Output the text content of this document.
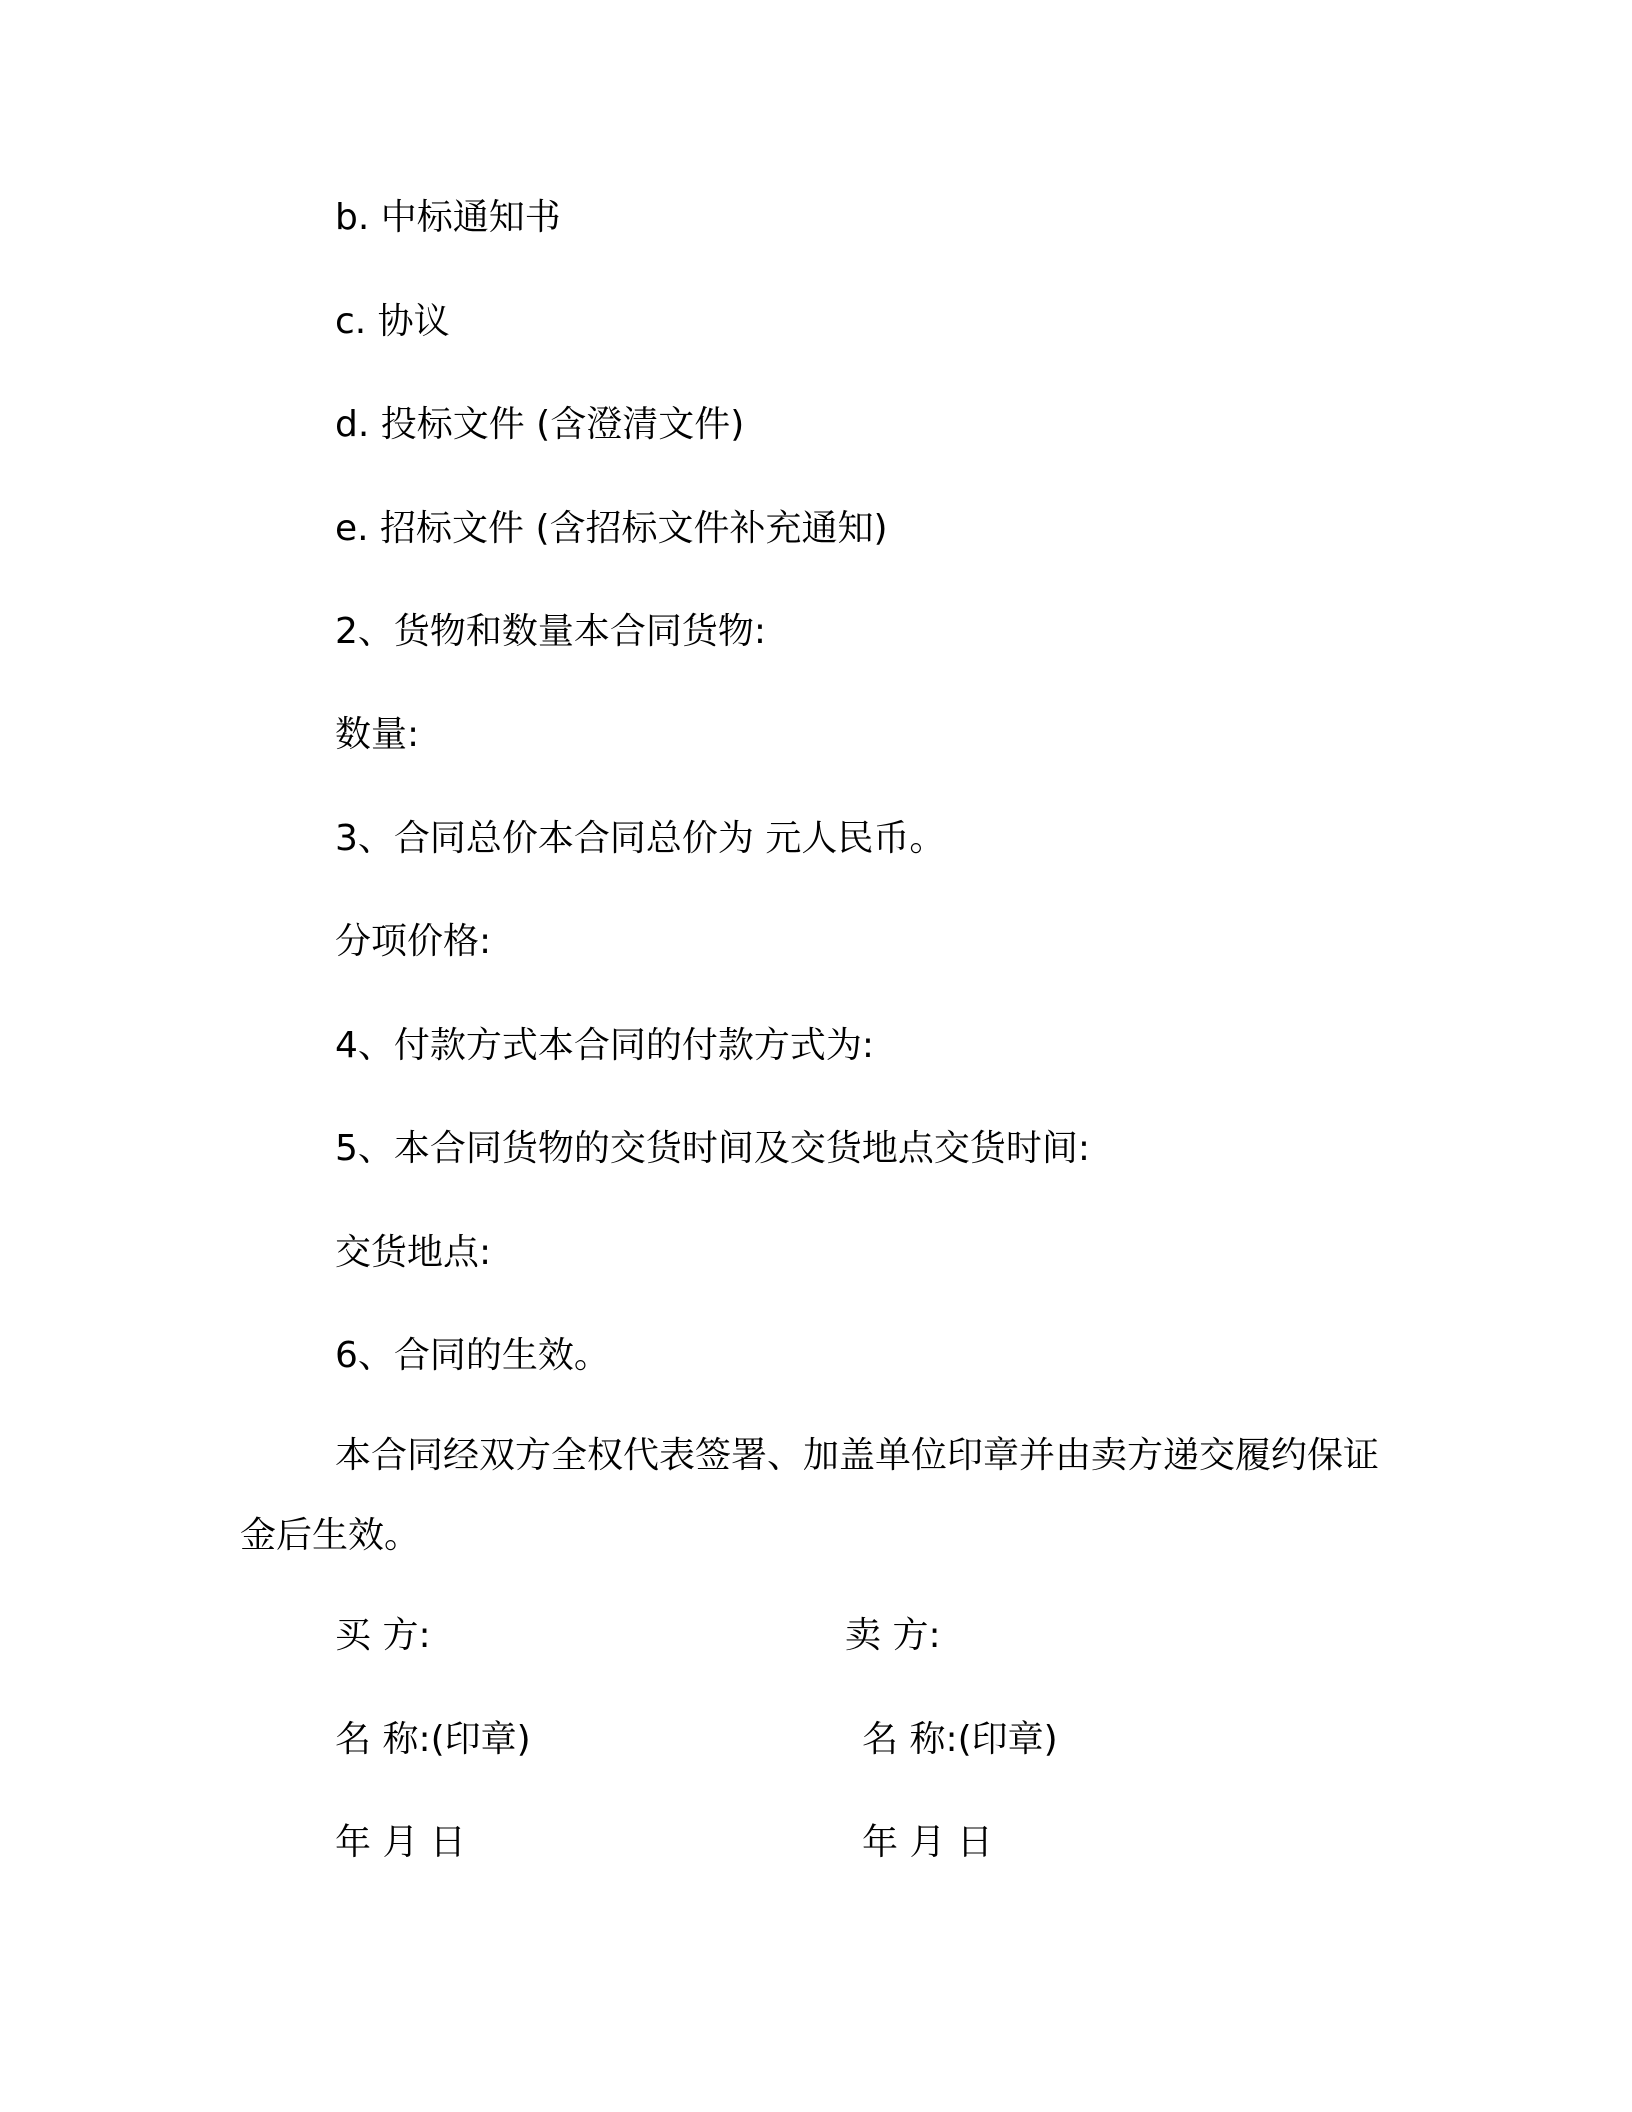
b. 中标通知书
c. 协议
d. 投标文件 (含澄清文件)
e. 招标文件 (含招标文件补充通知)
2、货物和数量本合同货物:
数量:
3、合同总价本合同总价为 元人民币。
分项价格:
4、付款方式本合同的付款方式为:
5、本合同货物的交货时间及交货地点交货时间:
交货地点:
6、合同的生效。
本合同经双方全权代表签署、加盖单位印章并由卖方递交履约保证金后生效。
买 方:	卖 方:
名 称:(印章)	名 称:(印章)
年 月 日	年 月 日
